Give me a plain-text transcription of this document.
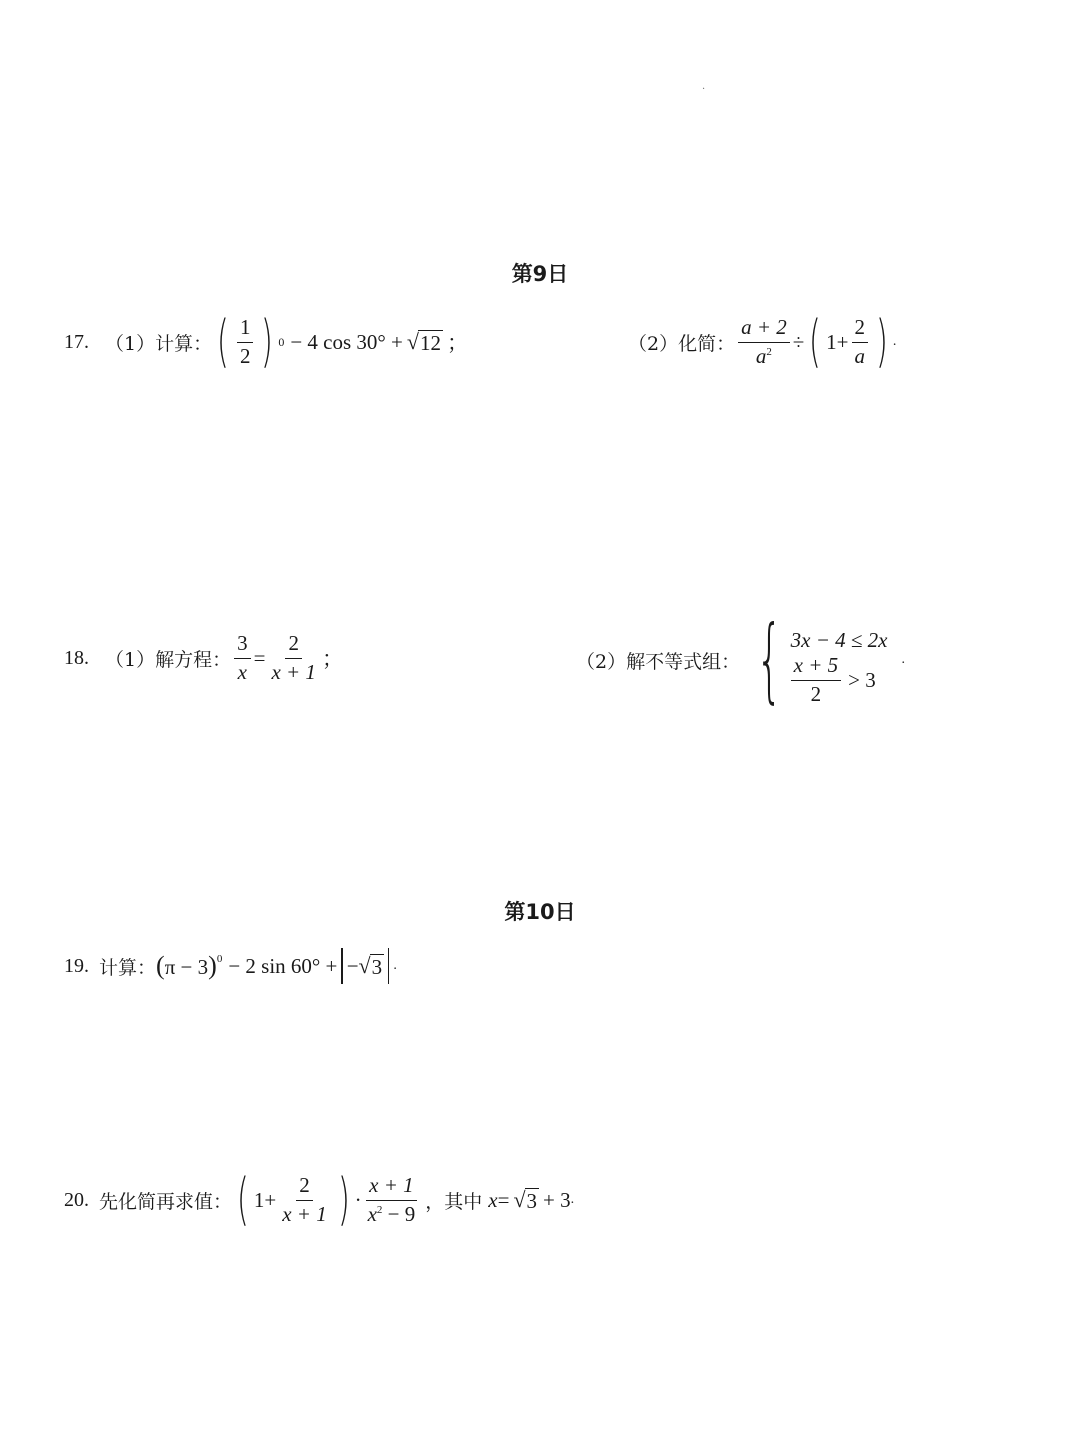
·
第9日
17. （1）计算： ( $\frac{1}{2}$ ) 0 − 4 cos 30° + √ 12 ；	（2）化简： $\frac{a + 2}{a^2}$ ÷ ( $1+ \frac{2}{a}$ ) .
18. （1）解方程： $\frac{3}{x} = \frac{2}{x + 1}$ ；	（2）解不等式组： { 3x − 4 ≤ 2x
$\frac{x + 5}{2} > 3$
.
第10日
19. 计算： $(\pi - 3)^0 - 2$ sin 60° + − √ 3 .
20. 先化简再求值： ( $1+ \frac{2}{x + 1}$ ) · $\frac{x + 1}{x^2 - 9}$ ，其中 x = √ 3 + 3 .
